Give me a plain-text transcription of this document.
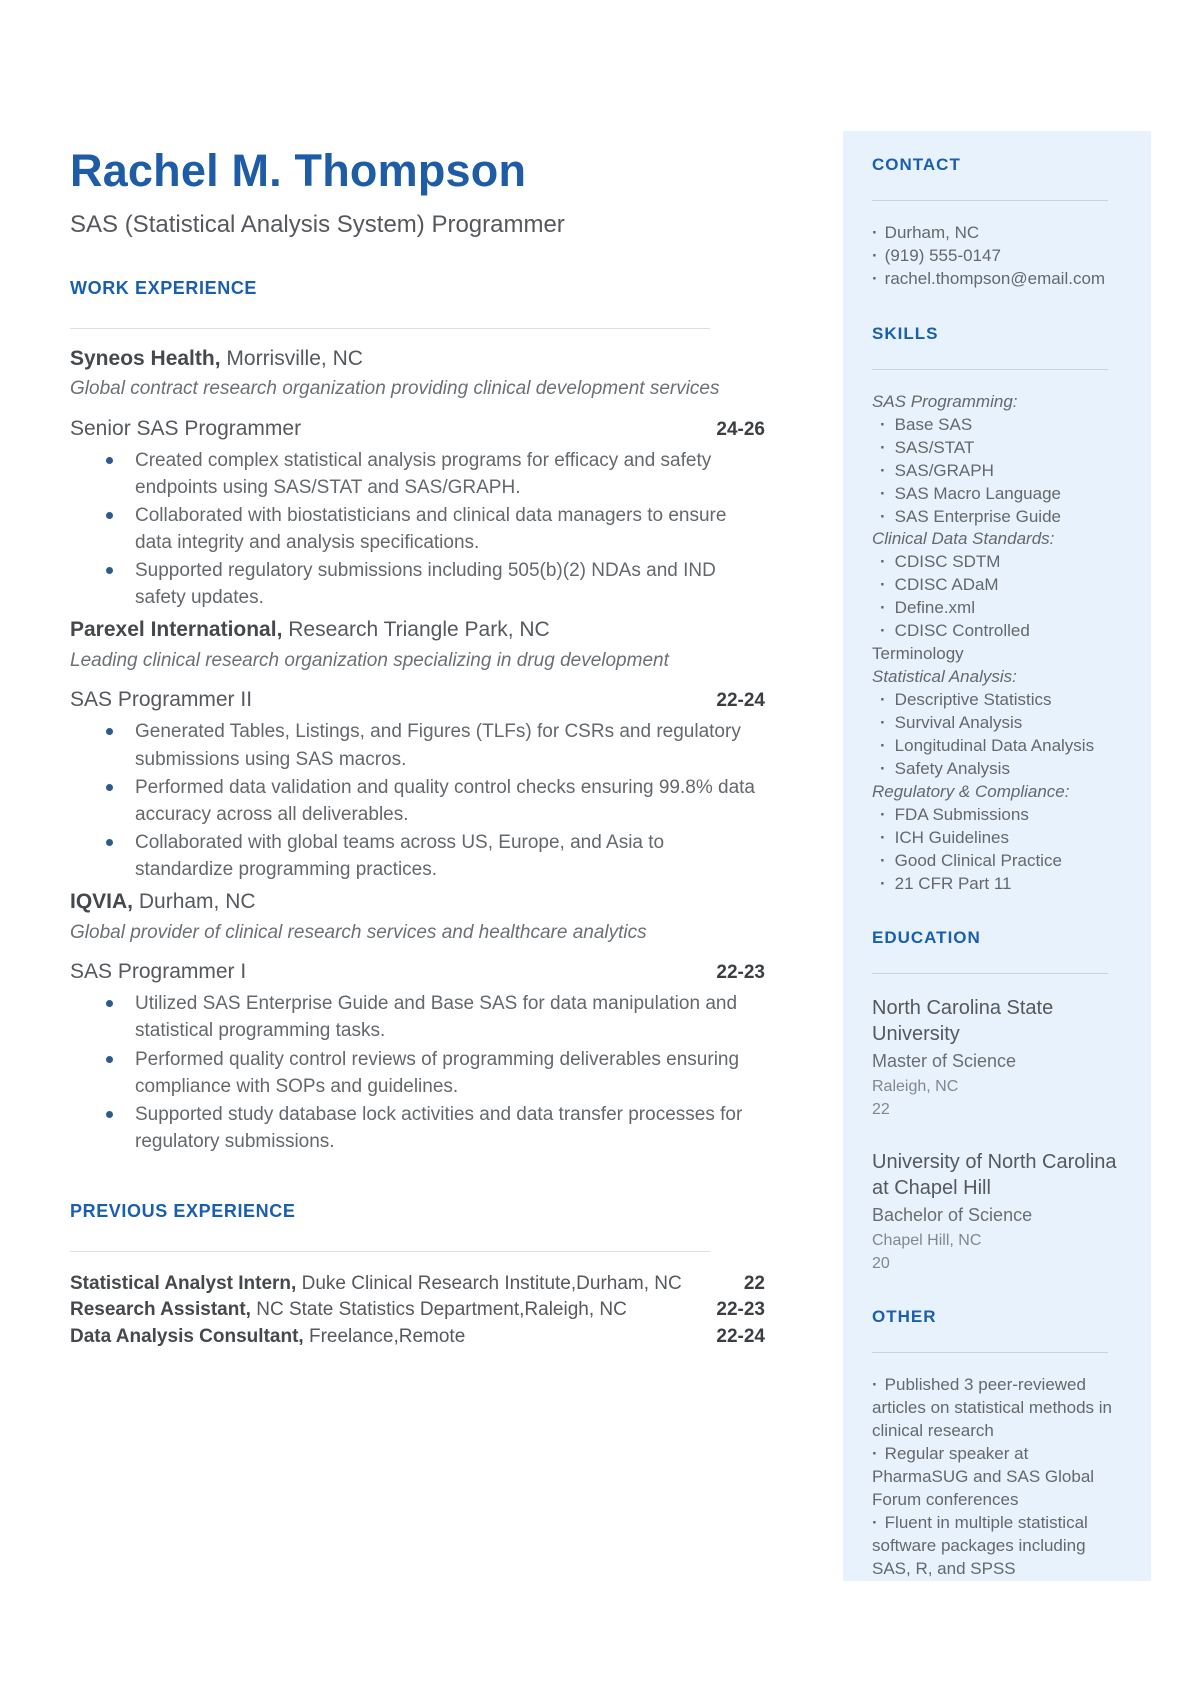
Rachel M. Thompson
SAS (Statistical Analysis System) Programmer
WORK EXPERIENCE
Syneos Health, Morrisville, NC
Global contract research organization providing clinical development services
Senior SAS Programmer	24-26
Created complex statistical analysis programs for efficacy and safety endpoints using SAS/STAT and SAS/GRAPH.
Collaborated with biostatisticians and clinical data managers to ensure data integrity and analysis specifications.
Supported regulatory submissions including 505(b)(2) NDAs and IND safety updates.
Parexel International, Research Triangle Park, NC
Leading clinical research organization specializing in drug development
SAS Programmer II	22-24
Generated Tables, Listings, and Figures (TLFs) for CSRs and regulatory submissions using SAS macros.
Performed data validation and quality control checks ensuring 99.8% data accuracy across all deliverables.
Collaborated with global teams across US, Europe, and Asia to standardize programming practices.
IQVIA, Durham, NC
Global provider of clinical research services and healthcare analytics
SAS Programmer I	22-23
Utilized SAS Enterprise Guide and Base SAS for data manipulation and statistical programming tasks.
Performed quality control reviews of programming deliverables ensuring compliance with SOPs and guidelines.
Supported study database lock activities and data transfer processes for regulatory submissions.
PREVIOUS EXPERIENCE
Statistical Analyst Intern, Duke Clinical Research Institute,Durham, NC	22
Research Assistant, NC State Statistics Department,Raleigh, NC	22-23
Data Analysis Consultant, Freelance,Remote	22-24
CONTACT
· Durham, NC
· (919) 555-0147
· rachel.thompson@email.com
SKILLS
SAS Programming:
· Base SAS
· SAS/STAT
· SAS/GRAPH
· SAS Macro Language
· SAS Enterprise Guide
Clinical Data Standards:
· CDISC SDTM
· CDISC ADaM
· Define.xml
· CDISC Controlled Terminology
Statistical Analysis:
· Descriptive Statistics
· Survival Analysis
· Longitudinal Data Analysis
· Safety Analysis
Regulatory & Compliance:
· FDA Submissions
· ICH Guidelines
· Good Clinical Practice
· 21 CFR Part 11
EDUCATION
North Carolina State University
Master of Science
Raleigh, NC
22
University of North Carolina at Chapel Hill
Bachelor of Science
Chapel Hill, NC
20
OTHER
· Published 3 peer-reviewed articles on statistical methods in clinical research
· Regular speaker at PharmaSUG and SAS Global Forum conferences
· Fluent in multiple statistical software packages including SAS, R, and SPSS
